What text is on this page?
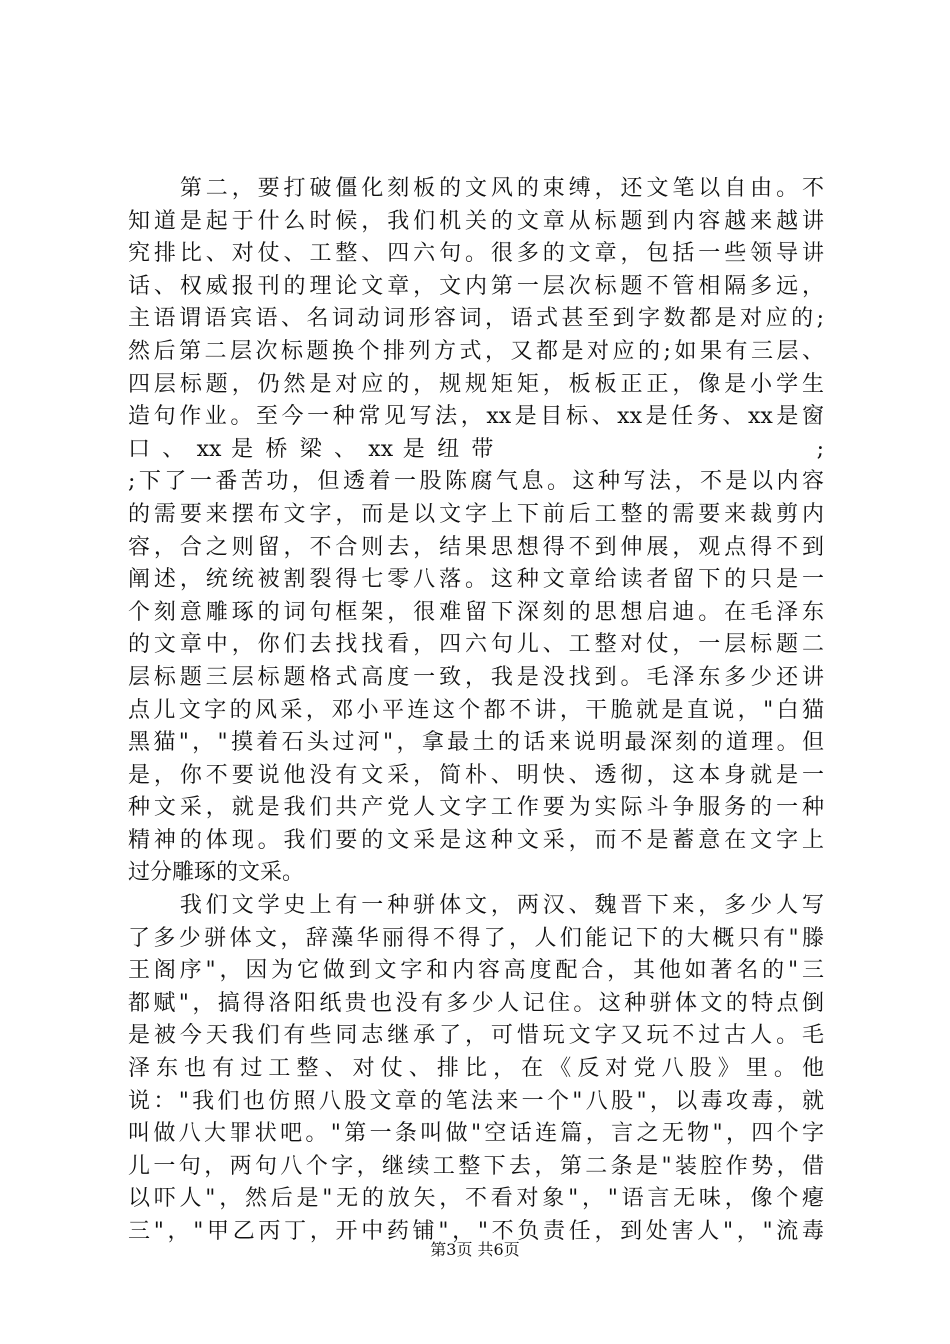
　　第二，要打破僵化刻板的文风的束缚，还文笔以自由。不
知道是起于什么时候，我们机关的文章从标题到内容越来越讲
究排比、对仗、工整、四六句。很多的文章，包括一些领导讲
话、权威报刊的理论文章，文内第一层次标题不管相隔多远，
主语谓语宾语、名词动词形容词，语式甚至到字数都是对应的;
然后第二层次标题换个排列方式，又都是对应的;如果有三层、
四层标题，仍然是对应的，规规矩矩，板板正正，像是小学生
造句作业。至今一种常见写法，xx是目标、xx是任务、xx是窗
口 、 xx 是 桥 梁 、 xx 是 纽 带　　　　　　　　　　　　　;
;下了一番苦功，但透着一股陈腐气息。这种写法，不是以内容
的需要来摆布文字，而是以文字上下前后工整的需要来裁剪内
容，合之则留，不合则去，结果思想得不到伸展，观点得不到
阐述，统统被割裂得七零八落。这种文章给读者留下的只是一
个刻意雕琢的词句框架，很难留下深刻的思想启迪。在毛泽东
的文章中，你们去找找看，四六句儿、工整对仗，一层标题二
层标题三层标题格式高度一致，我是没找到。毛泽东多少还讲
点儿文字的风采，邓小平连这个都不讲，干脆就是直说，"白猫
黑猫"，"摸着石头过河"，拿最土的话来说明最深刻的道理。但
是，你不要说他没有文采，简朴、明快、透彻，这本身就是一
种文采，就是我们共产党人文字工作要为实际斗争服务的一种
精神的体现。我们要的文采是这种文采，而不是蓄意在文字上
过分雕琢的文采。
　　我们文学史上有一种骈体文，两汉、魏晋下来，多少人写
了多少骈体文，辞藻华丽得不得了，人们能记下的大概只有"滕
王阁序"，因为它做到文字和内容高度配合，其他如著名的"三
都赋"，搞得洛阳纸贵也没有多少人记住。这种骈体文的特点倒
是被今天我们有些同志继承了，可惜玩文字又玩不过古人。毛
泽东也有过工整、对仗、排比，在《反对党八股》里。他
说："我们也仿照八股文章的笔法来一个"八股"，以毒攻毒，就
叫做八大罪状吧。"第一条叫做"空话连篇，言之无物"，四个字
儿一句，两句八个字，继续工整下去，第二条是"装腔作势，借
以吓人"，然后是"无的放矢，不看对象"，"语言无味，像个瘪
三"，"甲乙丙丁，开中药铺"，"不负责任，到处害人"，"流毒
第3页 共6页
